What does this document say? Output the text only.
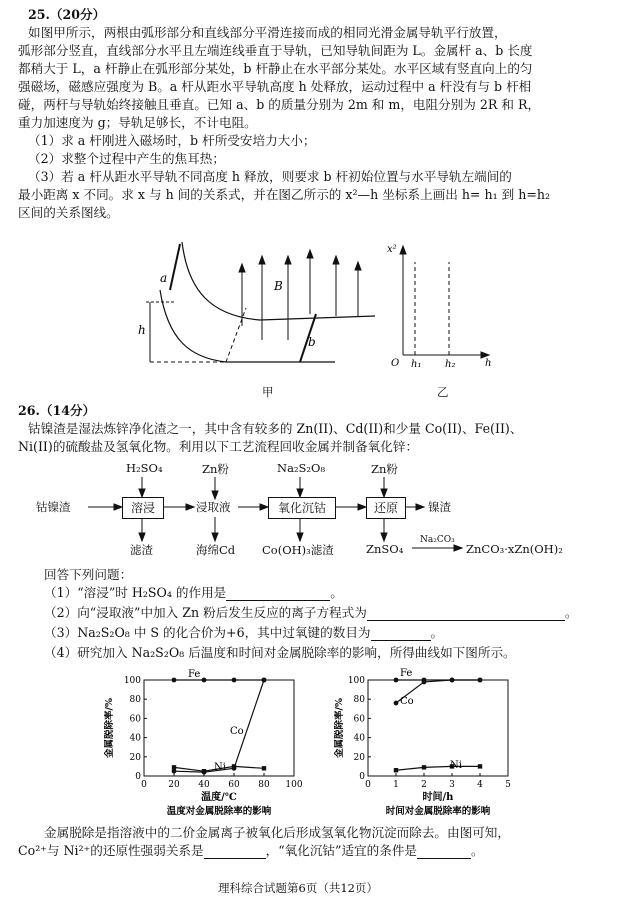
25.（20分）
如图甲所示，两根由弧形部分和直线部分平滑连接而成的相同光滑金属导轨平行放置，
弧形部分竖直，直线部分水平且左端连线垂直于导轨，已知导轨间距为 L。金属杆 a、b 长度
都稍大于 L，a 杆静止在弧形部分某处，b 杆静止在水平部分某处。水平区域有竖直向上的匀
强磁场，磁感应强度为 B。a 杆从距水平导轨高度 h 处释放，运动过程中 a 杆没有与 b 杆相
碰，两杆与导轨始终接触且垂直。已知 a、b 的质量分别为 2m 和 m，电阻分别为 2R 和 R，
重力加速度为 g；导轨足够长，不计电阻。
（1）求 a 杆刚进入磁场时，b 杆所受安培力大小；
（2）求整个过程中产生的焦耳热；
（3）若 a 杆从距水平导轨不同高度 h 释放，则要求 b 杆初始位置与水平导轨左端间的
最小距离 x 不同。求 x 与 h 间的关系式，并在图乙所示的 x²—h 坐标系上画出 h= h₁ 到 h=h₂
区间的关系图线。
a
b
B
h
甲
x²
h
O h₁ h₂
乙
26.（14分）
钴镍渣是湿法炼锌净化渣之一，其中含有较多的 Zn(II)、Cd(II)和少量 Co(II)、Fe(II)、
Ni(II)的硫酸盐及氢氧化物。利用以下工艺流程回收金属并制备氧化锌：
H₂SO₄	Zn粉	Na₂S₂O₈	Zn粉
钴镍渣	溶浸	浸取液	氧化沉钴	还原	镍渣
滤渣	海绵Cd Co(OH)₃滤渣	ZnSO₄
Na₂CO₃
ZnCO₃·xZn(OH)₂
回答下列问题：
（1）“溶浸”时 H₂SO₄ 的作用是	。
（2）向“浸取液”中加入 Zn 粉后发生反应的离子方程式为	。
（3）Na₂S₂O₈ 中 S 的化合价为+6，其中过氧键的数目为	。
（4）研究加入 Na₂S₂O₈ 后温度和时间对金属脱除率的影响，所得曲线如下图所示。
0 20 40 60 80 100
0
20
40
60
80
100
温度/℃
金属脱除率/%
温度对金属脱除率的影响
Fe
Co
Ni
0 1 2 3 4 5
0
20
40
60
80
100
时间/h
金属脱除率/%
时间对金属脱除率的影响
Fe
Co
Ni
金属脱除是指溶液中的二价金属离子被氧化后形成氢氧化物沉淀而除去。由图可知，
Co²⁺与 Ni²⁺的还原性强弱关系是	，“氧化沉钴”适宜的条件是	。
理科综合试题第6页（共12页）
